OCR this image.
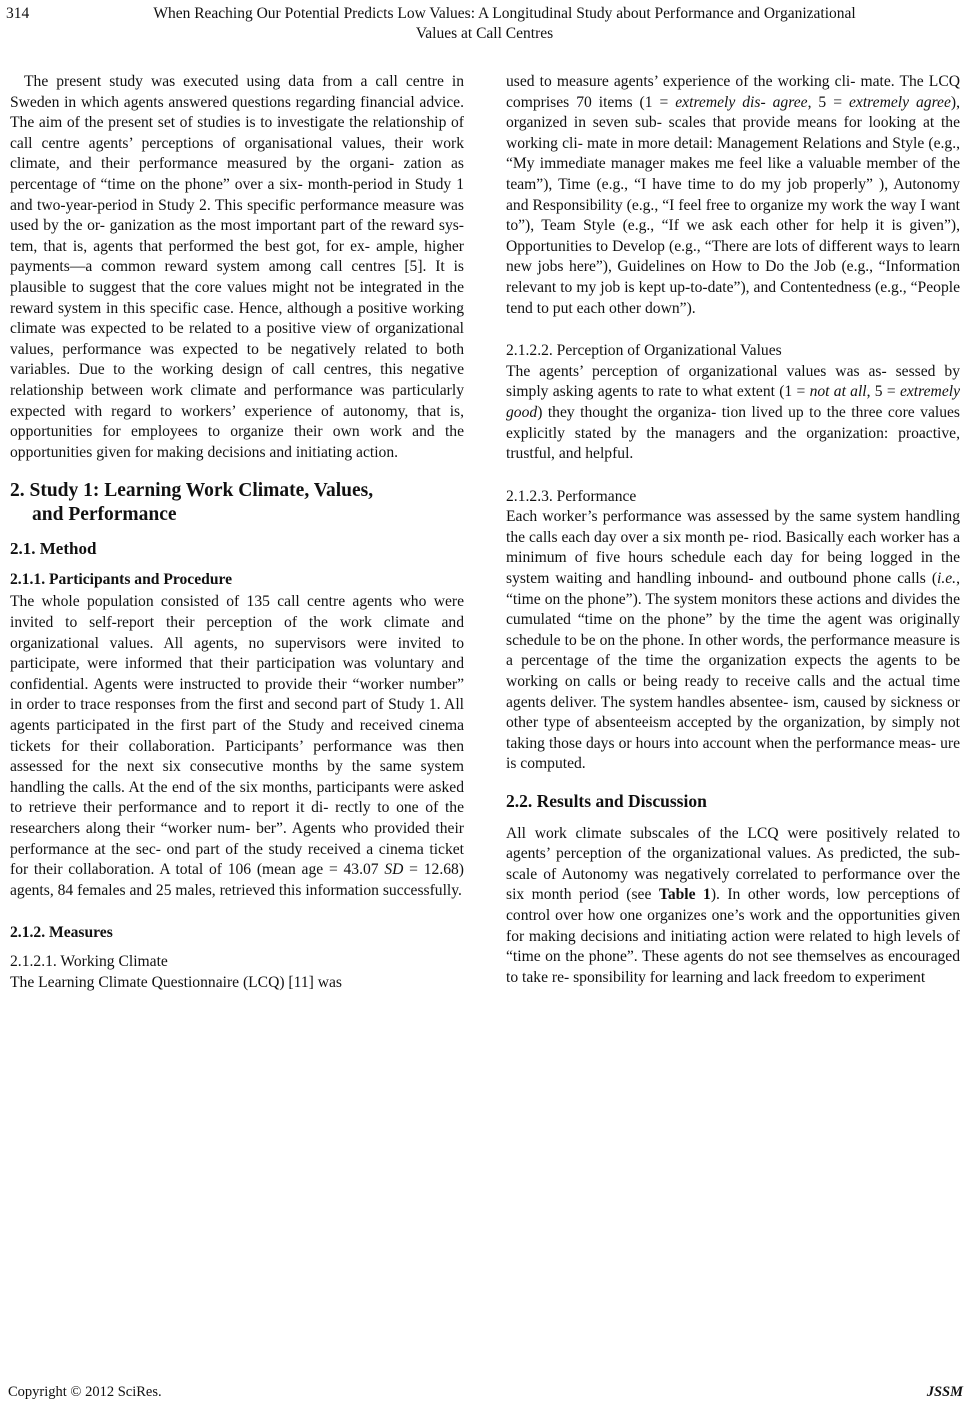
314	When Reaching Our Potential Predicts Low Values: A Longitudinal Study about Performance and Organizational
Values at Call Centres

The present study was executed using data from a call centre in Sweden in which agents answered questions regarding financial advice. The aim of the present set of studies is to investigate the relationship of call centre agents’ perceptions of organisational values, their work climate, and their performance measured by the organi- zation as percentage of “time on the phone” over a six- month-period in Study 1 and two-year-period in Study 2. This specific performance measure was used by the or- ganization as the most important part of the reward sys- tem, that is, agents that performed the best got, for ex- ample, higher payments—a common reward system among call centres [5]. It is plausible to suggest that the core values might not be integrated in the reward system in this specific case. Hence, although a positive working climate was expected to be related to a positive view of organizational values, performance was expected to be negatively related to both variables. Due to the working design of call centres, this negative relationship between work climate and performance was particularly expected with regard to workers’ experience of autonomy, that is, opportunities for employees to organize their own work and the opportunities given for making decisions and initiating action.

2. Study 1: Learning Work Climate, Values,
and Performance
2.1. Method
2.1.1. Participants and Procedure

The whole population consisted of 135 call centre agents who were invited to self-report their perception of the work climate and organizational values. All agents, no supervisors were invited to participate, were informed that their participation was voluntary and confidential. Agents were instructed to provide their “worker number” in order to trace responses from the first and second part of Study 1. All agents participated in the first part of the Study and received cinema tickets for their collaboration. Participants’ performance was then assessed for the next six consecutive months by the same system handling the calls. At the end of the six months, participants were asked to retrieve their performance and to report it di- rectly to one of the researchers along their “worker num- ber”. Agents who provided their performance at the sec- ond part of the study received a cinema ticket for their collaboration. A total of 106 (mean age = 43.07 SD = 12.68) agents, 84 females and 25 males, retrieved this information successfully.

2.1.2. Measures
2.1.2.1. Working Climate

The Learning Climate Questionnaire (LCQ) [11] was

used to measure agents’ experience of the working cli- mate. The LCQ comprises 70 items (1 = extremely dis- agree, 5 = extremely agree), organized in seven sub- scales that provide means for looking at the working cli- mate in more detail: Management Relations and Style (e.g., “My immediate manager makes me feel like a valuable member of the team”), Time (e.g., “I have time to do my job properly” ), Autonomy and Responsibility (e.g., “I feel free to organize my work the way I want to”), Team Style (e.g., “If we ask each other for help it is given”), Opportunities to Develop (e.g., “There are lots of different ways to learn new jobs here”), Guidelines on How to Do the Job (e.g., “Information relevant to my job is kept up-to-date”), and Contentedness (e.g., “People tend to put each other down”).

2.1.2.2. Perception of Organizational Values

The agents’ perception of organizational values was as- sessed by simply asking agents to rate to what extent (1 = not at all, 5 = extremely good) they thought the organiza- tion lived up to the three core values explicitly stated by the managers and the organization: proactive, trustful, and helpful.

2.1.2.3. Performance

Each worker’s performance was assessed by the same system handling the calls each day over a six month pe- riod. Basically each worker has a minimum of five hours schedule each day for being logged in the system waiting and handling inbound- and outbound phone calls (i.e., “time on the phone”). The system monitors these actions and divides the cumulated “time on the phone” by the time the agent was originally schedule to be on the phone. In other words, the performance measure is a percentage of the time the organization expects the agents to be working on calls or being ready to receive calls and the actual time agents deliver. The system handles absentee- ism, caused by sickness or other type of absenteeism accepted by the organization, by simply not taking those days or hours into account when the performance meas- ure is computed.

2.2. Results and Discussion

All work climate subscales of the LCQ were positively related to agents’ perception of the organizational values. As predicted, the sub-scale of Autonomy was negatively correlated to performance over the six month period (see Table 1). In other words, low perceptions of control over how one organizes one’s work and the opportunities given for making decisions and initiating action were related to high levels of “time on the phone”. These agents do not see themselves as encouraged to take re- sponsibility for learning and lack freedom to experiment

Copyright © 2012 SciRes.	JSSM
